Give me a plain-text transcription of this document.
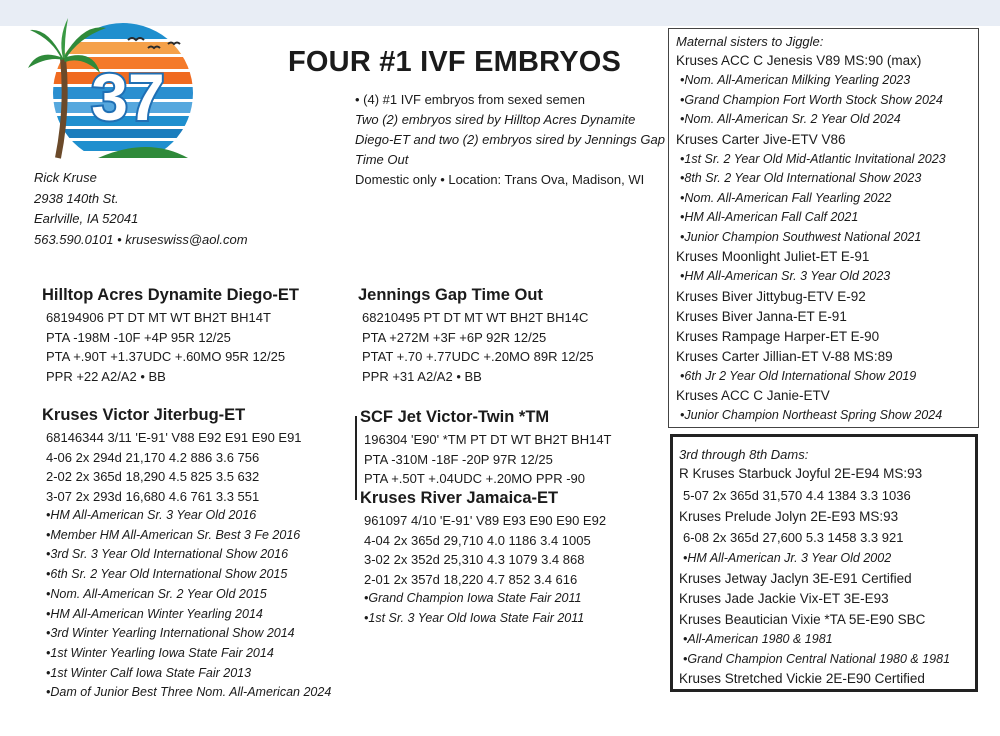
37	FOUR #1 IVF EMBRYOS
Rick Kruse
2938 140th St.
Earlville, IA 52041
563.590.0101 • kruseswiss@aol.com
• (4) #1 IVF embryos from sexed semen
Two (2) embryos sired by Hilltop Acres Dynamite Diego-ET and two (2) embryos sired by Jennings Gap Time Out
Domestic only • Location: Trans Ova, Madison, WI
Hilltop Acres Dynamite Diego-ET
68194906 PT DT MT WT BH2T BH14T
PTA -198M -10F +4P 95R 12/25
PTA +.90T +1.37UDC +.60MO 95R 12/25
PPR +22 A2/A2 • BB
Jennings Gap Time Out
68210495 PT DT MT WT BH2T BH14C
PTA +272M +3F +6P 92R 12/25
PTAT +.70 +.77UDC +.20MO 89R 12/25
PPR +31 A2/A2 • BB
Kruses Victor Jiterbug-ET
68146344 3/11 'E-91' V88 E92 E91 E90 E91
4-06 2x 294d 21,170 4.2 886 3.6 756
2-02 2x 365d 18,290 4.5 825 3.5 632
3-07 2x 293d 16,680 4.6 761 3.3 551
•HM All-American Sr. 3 Year Old 2016
•Member HM All-American Sr. Best 3 Fe 2016
•3rd Sr. 3 Year Old International Show 2016
•6th Sr. 2 Year Old International Show 2015
•Nom. All-American Sr. 2 Year Old 2015
•HM All-American Winter Yearling 2014
•3rd Winter Yearling International Show 2014
•1st Winter Yearling Iowa State Fair 2014
•1st Winter Calf Iowa State Fair 2013
•Dam of Junior Best Three Nom. All-American 2024
SCF Jet Victor-Twin *TM
196304 'E90' *TM PT DT WT BH2T BH14T
PTA -310M -18F -20P 97R 12/25
PTA +.50T +.04UDC +.20MO PPR -90
Kruses River Jamaica-ET
961097 4/10 'E-91' V89 E93 E90 E90 E92
4-04 2x 365d 29,710 4.0 1186 3.4 1005
3-02 2x 352d 25,310 4.3 1079 3.4 868
2-01 2x 357d 18,220 4.7 852 3.4 616
•Grand Champion Iowa State Fair 2011
•1st Sr. 3 Year Old Iowa State Fair 2011
Maternal sisters to Jiggle:
Kruses ACC C Jenesis V89 MS:90 (max)
•Nom. All-American Milking Yearling 2023
•Grand Champion Fort Worth Stock Show 2024
•Nom. All-American Sr. 2 Year Old 2024
Kruses Carter Jive-ETV V86
•1st Sr. 2 Year Old Mid-Atlantic Invitational 2023
•8th Sr. 2 Year Old International Show 2023
•Nom. All-American Fall Yearling 2022
•HM All-American Fall Calf 2021
•Junior Champion Southwest National 2021
Kruses Moonlight Juliet-ET E-91
•HM All-American Sr. 3 Year Old 2023
Kruses Biver Jittybug-ETV E-92
Kruses Biver Janna-ET E-91
Kruses Rampage Harper-ET E-90
Kruses Carter Jillian-ET V-88 MS:89
•6th Jr 2 Year Old International Show 2019
Kruses ACC C Janie-ETV
•Junior Champion Northeast Spring Show 2024
3rd through 8th Dams:
R Kruses Starbuck Joyful 2E-E94 MS:93
5-07 2x 365d 31,570 4.4 1384 3.3 1036
Kruses Prelude Jolyn 2E-E93 MS:93
6-08 2x 365d 27,600 5.3 1458 3.3 921
•HM All-American Jr. 3 Year Old 2002
Kruses Jetway Jaclyn 3E-E91 Certified
Kruses Jade Jackie Vix-ET 3E-E93
Kruses Beautician Vixie *TA 5E-E90 SBC
•All-American 1980 & 1981
•Grand Champion Central National 1980 & 1981
Kruses Stretched Vickie 2E-E90 Certified
